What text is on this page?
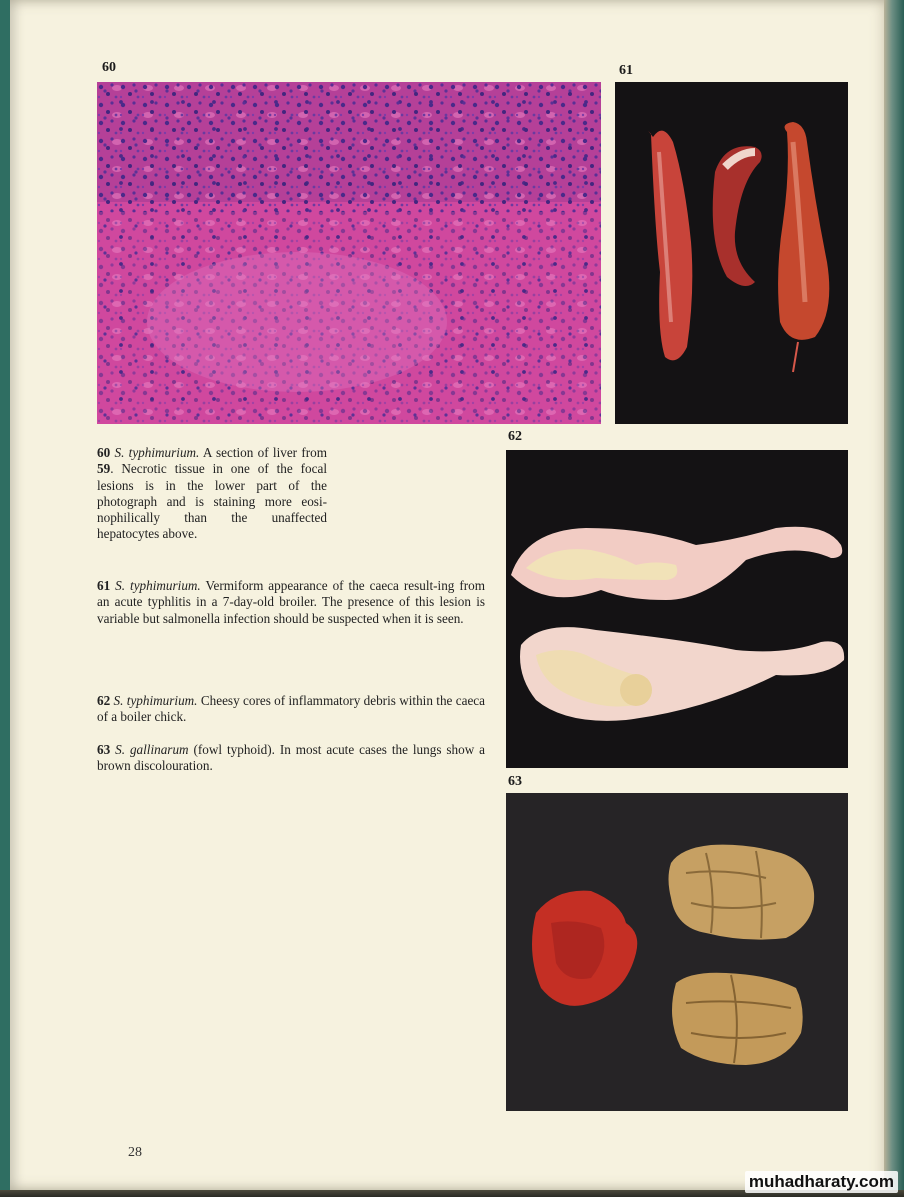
60	61
62
63
60 S. typhimurium. A section of liver from 59. Necrotic tissue in one of the focal lesions is in the lower part of the photograph and is staining more eosi-nophilically than the unaffected hepatocytes above.
61 S. typhimurium. Vermiform appearance of the caeca result-ing from an acute typhlitis in a 7-day-old broiler. The presence of this lesion is variable but salmonella infection should be suspected when it is seen.
62 S. typhimurium. Cheesy cores of inflammatory debris within the caeca of a boiler chick.
63 S. gallinarum (fowl typhoid). In most acute cases the lungs show a brown discolouration.
28
muhadharaty.com
